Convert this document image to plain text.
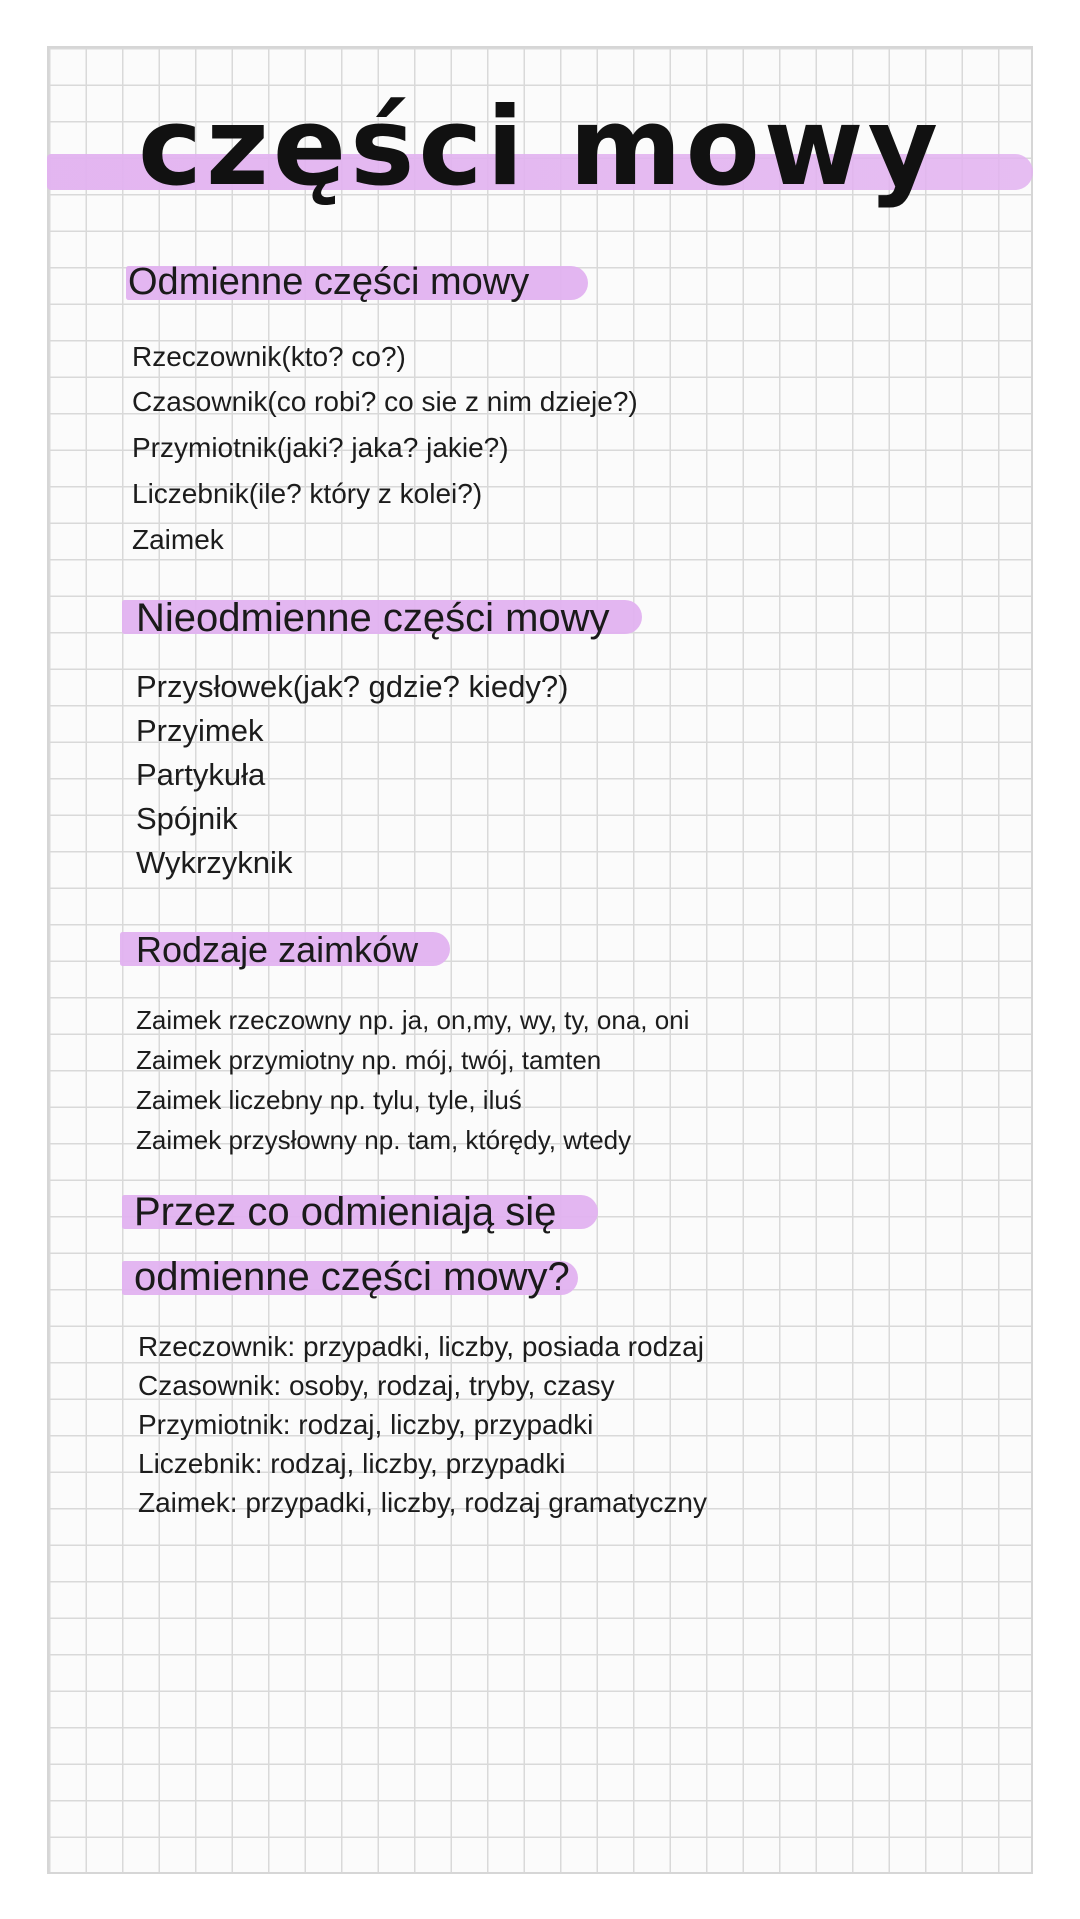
części mowy
Odmienne części mowy
Rzeczownik(kto? co?)
Czasownik(co robi? co sie z nim dzieje?)
Przymiotnik(jaki? jaka? jakie?)
Liczebnik(ile? który z kolei?)
Zaimek
Nieodmienne części mowy
Przysłowek(jak? gdzie? kiedy?)
Przyimek
Partykuła
Spójnik
Wykrzyknik
Rodzaje zaimków
Zaimek rzeczowny np. ja, on,my, wy, ty, ona, oni
Zaimek przymiotny np. mój, twój, tamten
Zaimek liczebny np. tylu, tyle, iluś
Zaimek przysłowny np. tam, którędy, wtedy
Przez co odmieniają się
odmienne części mowy?
Rzeczownik: przypadki, liczby, posiada rodzaj
Czasownik: osoby, rodzaj, tryby, czasy
Przymiotnik: rodzaj, liczby, przypadki
Liczebnik: rodzaj, liczby, przypadki
Zaimek: przypadki, liczby, rodzaj gramatyczny
